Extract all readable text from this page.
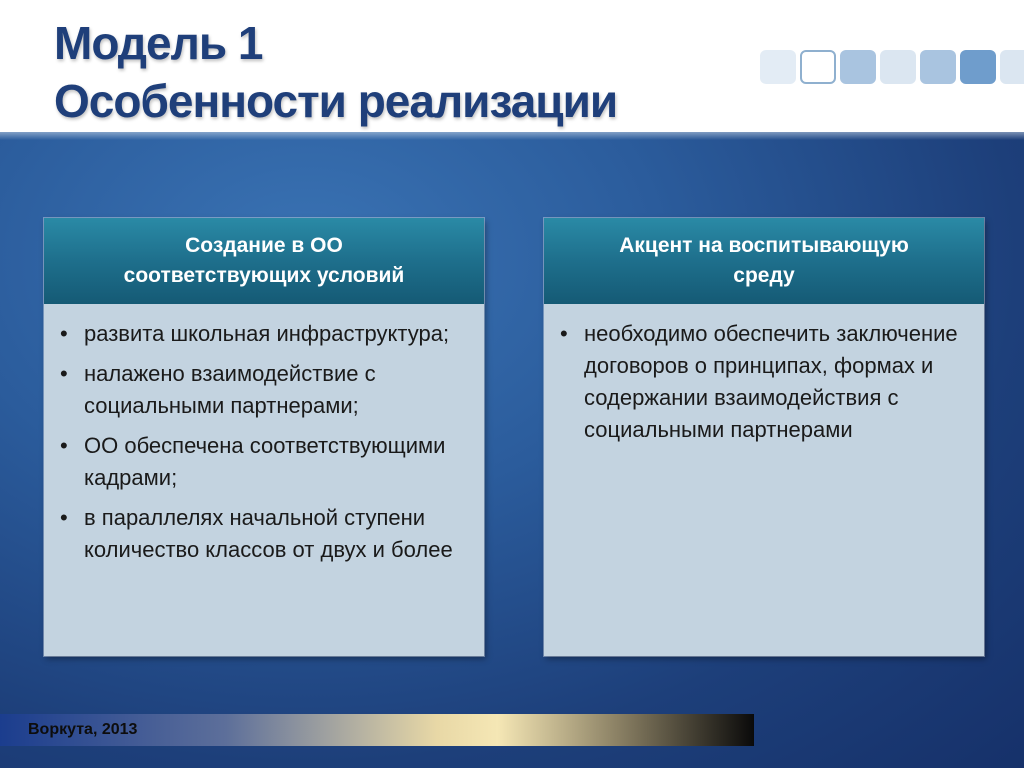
Модель 1
Особенности реализации
Создание в ОО
соответствующих условий
• развита школьная инфраструктура;
• налажено взаимодействие с социальными партнерами;
• ОО обеспечена соответствующими кадрами;
• в параллелях начальной ступени количество классов от двух и более
Акцент на воспитывающую
среду
• необходимо обеспечить заключение договоров о принципах, формах и содержании взаимодействия с социальными партнерами
Воркута, 2013
